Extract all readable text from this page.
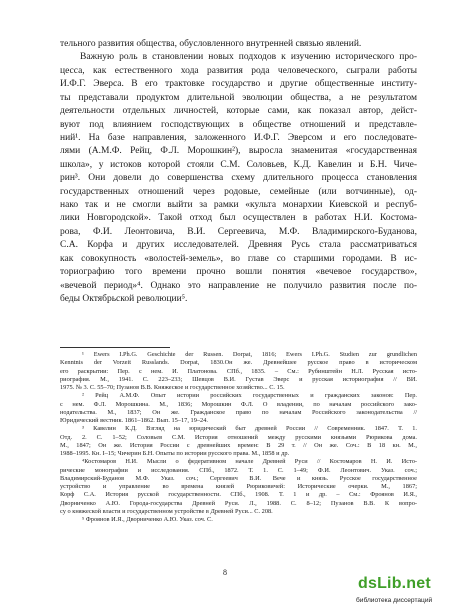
тельного развития общества, обусловленного внутренней связью явлений.
Важную роль в становлении новых подходов к изучению исторического про-
цесса, как естественного хода развития рода человеческого, сыграли работы
И.Ф.Г. Эверса. В его трактовке государство и другие общественные институ-
ты представали продуктом длительной эволюции общества, а не результатом
деятельности отдельных личностей, которые сами, как показал автор, дейст-
вуют под влиянием господствующих в обществе отношений и представле-
ний¹. На базе направления, заложенного И.Ф.Г. Эверсом и его последовате-
лями (А.М.Ф. Рейц, Ф.Л. Морошкин²), выросла знаменитая «государственная
школа», у истоков которой стояли С.М. Соловьев, К.Д. Кавелин и Б.Н. Чиче-
рин³. Они довели до совершенства схему длительного процесса становления
государственных отношений через родовые, семейные (или вотчинные), од-
нако так и не смогли выйти за рамки «культа монархии Киевской и респуб-
лики Новгородской». Такой отход был осуществлен в работах Н.И. Костома-
рова, Ф.И. Леонтовича, В.И. Сергеевича, М.Ф. Владимирского-Буданова,
С.А. Корфа и других исследователей. Древняя Русь стала рассматриваться
как совокупность «волостей-земель», во главе со старшими городами. В ис-
ториографию того времени прочно вошли понятия «вечевое государство»,
«вечевой период»⁴. Однако это направление не получило развития после по-
беды Октябрьской революции⁵.
¹ Ewers I.Ph.G. Geschichte der Russen. Dorpat, 1816; Ewers I.Ph.G. Studien zur grundlichen
Kenntnis der Vorzeit Russlands. Dorpat, 1830.Он же. Древнейшее русское право в историческом
его раскрытии: Пер. с нем. И. Платонова. СПб., 1835. – См.: Рубинштейн Н.Л. Русская исто-
риография. М., 1941. С. 223–233; Шевцов В.И. Густав Эверс и русская историография // ВИ.
1975. № 3. С. 55–70; Пузанов В.В. Княжеское и государственное хозяйство... С. 15.
² Рейц А.М.Ф. Опыт истории российских государственных и гражданских законов: Пер.
с нем. Ф.Л. Морошкина. М., 1836; Морошкин Ф.Л. О владении, по началам российского зако-
нодательства. М., 1837; Он же. Гражданское право по началам Российского законодательства //
Юридический вестник. 1861–1862. Вып. 15–17, 19–24.
³ Кавелин К.Д. Взгляд на юридический быт древней России // Современник. 1847. Т. 1.
Отд. 2. С. 1–52; Соловьев С.М. История отношений между русскими князьями Рюрикова дома.
М., 1847; Он же. История России с древнейших времен: В 29 т. // Он же. Соч.: В 18 кн. М.,
1988–1995. Кн. I–15; Чичерин Б.Н. Опыты по истории русского права. М., 1858 и др.
⁴Костомаров Н.И. Мысли о федеративном начале Древней Руси // Костомаров Н. И. Исто-
рические монографии и исследования. СПб., 1872. Т. 1. С. 1–49; Ф.И. Леонтович. Указ. соч.;
Владимирский-Буданов М.Ф. Указ. соч.; Сергеевич В.И. Вече и князь. Русское государственное
устройство и управление во времена князей Рюриковичей: Исторические очерки. М., 1867;
Корф С.А. История русской государственности. СПб., 1908. Т. 1 и др. – См.: Фроянов И.Я.,
Дворниченко А.Ю. Города-государства Древней Руси. Л., 1988. С. 8–12; Пузанов В.В. К вопро-
су о княжеской власти и государственном устройстве в Древней Руси... С. 208.
⁵ Фроянов И.Я., Дворниченко А.Ю. Указ. соч. С.
8
dsLib.net
библиотека диссертаций
